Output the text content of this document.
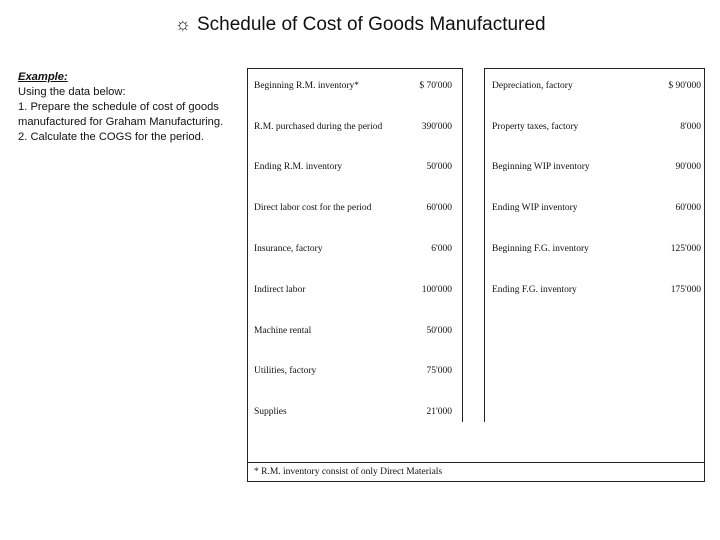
☼ Schedule of Cost of Goods Manufactured
Example:
Using the data below:
1. Prepare the schedule of cost of goods
manufactured for Graham Manufacturing.
2. Calculate the COGS for the period.
Beginning R.M. inventory*	$ 70'000
R.M. purchased during the period	390'000
Ending R.M. inventory	50'000
Direct labor cost for the period	60'000
Insurance, factory	6'000
Indirect labor	100'000
Machine rental	50'000
Utilities, factory	75'000
Supplies	21'000
Depreciation, factory	$ 90'000
Property taxes, factory	8'000
Beginning WIP inventory	90'000
Ending WIP inventory	60'000
Beginning F.G. inventory	125'000
Ending F.G. inventory	175'000
* R.M. inventory consist of only Direct Materials
